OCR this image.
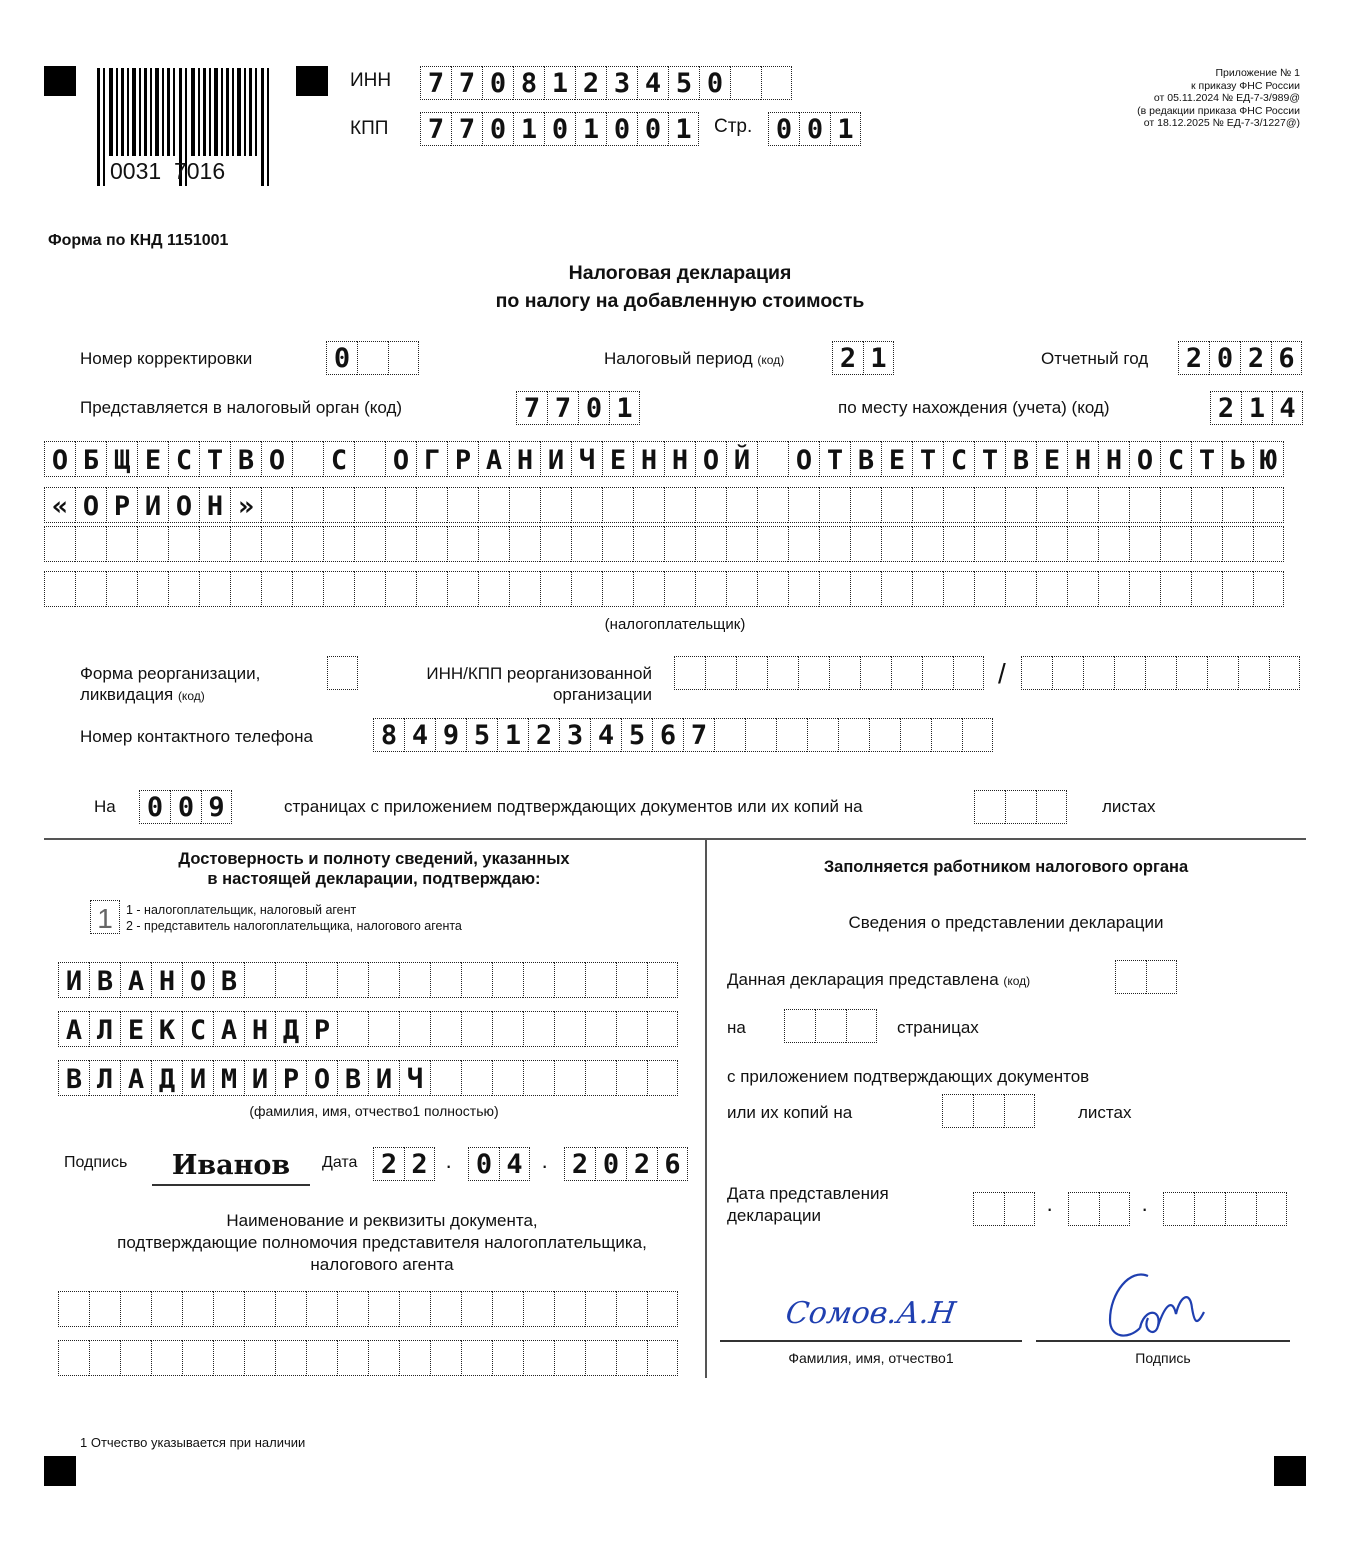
0031  7016
ИНН 7 7 0 8 1 2 3 4 5 0
КПП 7 7 0 1 0 1 0 0 1	Стр. 0 0 1
Приложение № 1
к приказу ФНС России
от 05.11.2024 № ЕД-7-3/989@
(в редакции приказа ФНС России
от 18.12.2025 № ЕД-7-3/1227@)
Форма по КНД 1151001
Налоговая декларация
по налогу на добавленную стоимость
Номер корректировки	0	Налоговый период (код) 2 1	Отчетный год 2 0 2 6
Представляется в налоговый орган (код)	7 7 0 1	по месту нахождения (учета) (код)	2 1 4
О Б Щ Е С Т В О С О Г Р А Н И Ч Е Н Н О Й О Т В Е Т С Т В Е Н Н О С Т Ь Ю
« О Р И О Н »
(налогоплательщик)
Форма реорганизации,
ликвидация (код)
ИНН/КПП реорганизованной
организации
/
Номер контактного телефона	8 4 9 5 1 2 3 4 5 6 7
На 0 0 9	страницах с приложением подтверждающих документов или их копий на	листах
Достоверность и полноту сведений, указанных
в настоящей декларации, подтверждаю:
1	1 - налогоплательщик, налоговый агент
2 - представитель налогоплательщика, налогового агента
И В А Н О В
А Л Е К С А Н Д Р
В Л А Д И М И Р О В И Ч
(фамилия, имя, отчество1 полностью)
Подпись	Иванов	Дата 2 2 · 0 4 · 2 0 2 6
Наименование и реквизиты документа,
подтверждающие полномочия представителя налогоплательщика,
налогового агента
Заполняется работником налогового органа
Сведения о представлении декларации
Данная декларация представлена (код)
на	страницах
с приложением подтверждающих документов
или их копий на	листах
Дата представления
декларации	·	·
Сомов.А.Н
Фамилия, имя, отчество1	Подпись
1 Отчество указывается при наличии
